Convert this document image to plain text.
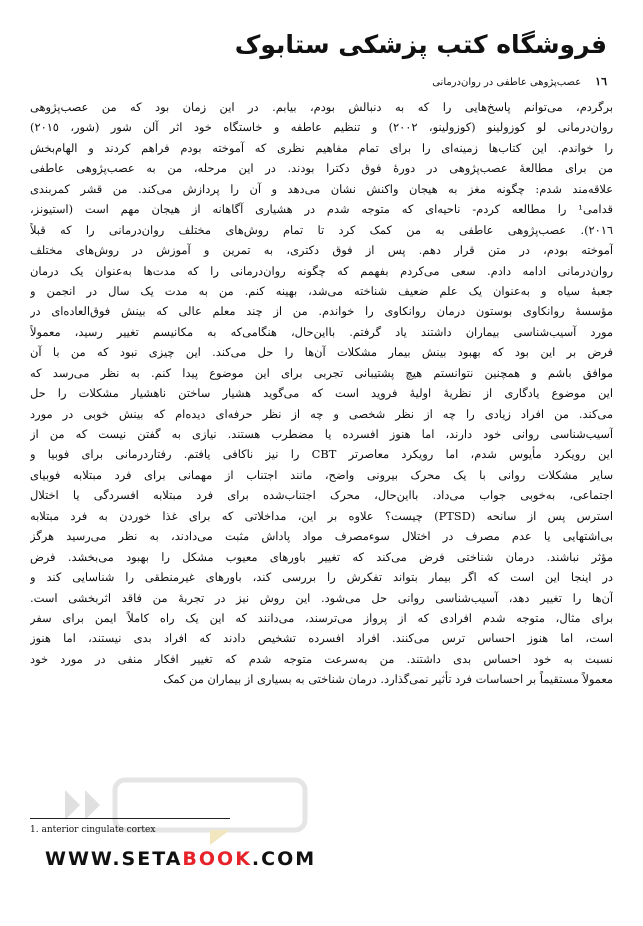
فروشگاه کتب پزشکی ستابوک
١٦
عصب‌پژوهی عاطفی در روان‌درمانی
برگردم، می‌توانم پاسخ‌هایی را که به دنبالش بودم، بیابم. در این زمان بود که من عصب‌پژوهی
روان‌درمانی لو کوزولینو (کوزولینو، ٢٠٠٢) و تنظیم عاطفه و خاستگاه خود اثر آلن شور (شور، ٢٠١٥)
را خواندم. این کتاب‌ها زمینه‌ای را برای تمام مفاهیم نظری که آموخته بودم فراهم کردند و الهام‌بخش
من برای مطالعهٔ عصب‌پژوهی در دورهٔ فوق دکترا بودند. در این مرحله، من به عصب‌پژوهی عاطفی
علاقه‌مند شدم: چگونه مغز به هیجان واکنش نشان می‌دهد و آن را پردازش می‌کند. من قشر کمربندی
قدامی¹ را مطالعه کردم- ناحیه‌ای که متوجه شدم در هشیاری آگاهانه از هیجان مهم است (استیونز،
٢٠١٦). عصب‌پژوهی عاطفی به من کمک کرد تا تمام روش‌های مختلف روان‌درمانی را که قبلاً
آموخته بودم، در متن قرار دهم. پس از فوق دکتری، به تمرین و آموزش در روش‌های مختلف
روان‌درمانی ادامه دادم. سعی می‌کردم بفهمم که چگونه روان‌درمانی را که مدت‌ها به‌عنوان یک درمان
جعبهٔ سیاه و به‌عنوان یک علم ضعیف شناخته می‌شد، بهینه کنم. من به مدت یک سال در انجمن و
مؤسسهٔ روانکاوی بوستون درمان روانکاوی را خواندم. من از چند معلم عالی که بینش فوق‌العاده‌ای در
مورد آسیب‌شناسی بیماران داشتند یاد گرفتم. بااین‌حال، هنگامی‌که به مکانیسم تغییر رسید، معمولاً
فرض بر این بود که بهبود بینش بیمار مشکلات آن‌ها را حل می‌کند. این چیزی نبود که من با آن
موافق باشم و همچنین نتوانستم هیچ پشتیبانی تجربی برای این موضوع پیدا کنم. به نظر می‌رسد که
این موضوع یادگاری از نظریهٔ اولیهٔ فروید است که می‌گوید هشیار ساختن ناهشیار مشکلات را حل
می‌کند. من افراد زیادی را چه از نظر شخصی و چه از نظر حرفه‌ای دیده‌ام که بینش خوبی در مورد
آسیب‌شناسی روانی خود دارند، اما هنوز افسرده یا مضطرب هستند. نیازی به گفتن نیست که من از
این رویکرد مأیوس شدم، اما رویکرد معاصرتر CBT را نیز ناکافی یافتم. رفتاردرمانی برای فوبیا و
سایر مشکلات روانی با یک محرک بیرونی واضح، مانند اجتناب از مهمانی برای فرد مبتلابه فوبیای
اجتماعی، به‌خوبی جواب می‌داد. بااین‌حال، محرک اجتناب‌شده برای فرد مبتلابه افسردگی یا اختلال
استرس پس از سانحه (PTSD) چیست؟ علاوه بر این، مداخلاتی که برای غذا خوردن به فرد مبتلابه
بی‌اشتهایی یا عدم مصرف در اختلال سوءمصرف مواد پاداش مثبت می‌دادند، به نظر می‌رسید هرگز
مؤثر نباشند. درمان شناختی فرض می‌کند که تغییر باورهای معیوب مشکل را بهبود می‌بخشد. فرض
در اینجا این است که اگر بیمار بتواند تفکرش را بررسی کند، باورهای غیرمنطقی را شناسایی کند و
آن‌ها را تغییر دهد، آسیب‌شناسی روانی حل می‌شود. این روش نیز در تجربهٔ من فاقد اثربخشی است.
برای مثال، متوجه شدم افرادی که از پرواز می‌ترسند، می‌دانند که این یک راه کاملاً ایمن برای سفر
است، اما هنوز احساس ترس می‌کنند. افراد افسرده تشخیص دادند که افراد بدی نیستند، اما هنوز
نسبت به خود احساس بدی داشتند. من به‌سرعت متوجه شدم که تغییر افکار منفی در مورد خود
معمولاً مستقیماً بر احساسات فرد تأثیر نمی‌گذارد. درمان شناختی به بسیاری از بیماران من کمک
1. anterior cingulate cortex
WWW.SETABOOK.COM
